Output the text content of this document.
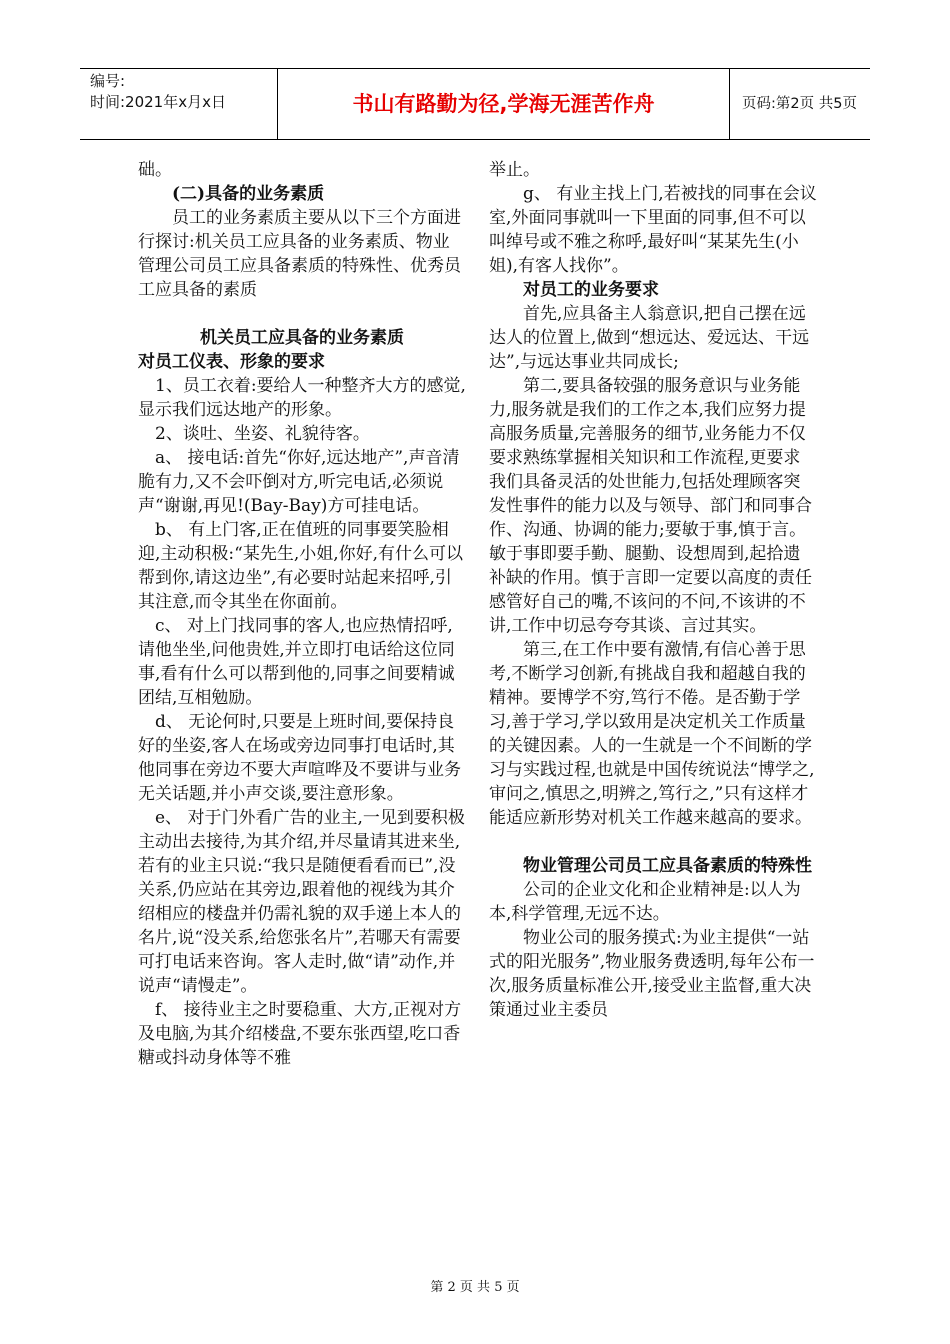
编号:
时间:2021年x月x日	书山有路勤为径,学海无涯苦作舟	页码:第2页 共5页

础。

(二)具备的业务素质

员工的业务素质主要从以下三个方面进行探讨:机关员工应具备的业务素质、物业管理公司员工应具备素质的特殊性、优秀员工应具备的素质

机关员工应具备的业务素质

对员工仪表、形象的要求

1、员工衣着:要给人一种整齐大方的感觉,显示我们远达地产的形象。

2、谈吐、坐姿、礼貌待客。

a、 接电话:首先“你好,远达地产”,声音清脆有力,又不会吓倒对方,听完电话,必须说声“谢谢,再见!(Bay-Bay)方可挂电话。

b、 有上门客,正在值班的同事要笑脸相迎,主动积极:“某先生,小姐,你好,有什么可以帮到你,请这边坐”,有必要时站起来招呼,引其注意,而令其坐在你面前。

c、 对上门找同事的客人,也应热情招呼,请他坐坐,问他贵姓,并立即打电话给这位同事,看有什么可以帮到他的,同事之间要精诚团结,互相勉励。

d、 无论何时,只要是上班时间,要保持良好的坐姿,客人在场或旁边同事打电话时,其他同事在旁边不要大声喧哗及不要讲与业务无关话题,并小声交谈,要注意形象。

e、 对于门外看广告的业主,一见到要积极主动出去接待,为其介绍,并尽量请其进来坐,若有的业主只说:“我只是随便看看而已”,没关系,仍应站在其旁边,跟着他的视线为其介绍相应的楼盘并仍需礼貌的双手递上本人的名片,说“没关系,给您张名片”,若哪天有需要可打电话来咨询。客人走时,做“请”动作,并说声“请慢走”。

f、 接待业主之时要稳重、大方,正视对方及电脑,为其介绍楼盘,不要东张西望,吃口香糖或抖动身体等不雅

举止。

g、 有业主找上门,若被找的同事在会议室,外面同事就叫一下里面的同事,但不可以叫绰号或不雅之称呼,最好叫“某某先生(小姐),有客人找你”。

对员工的业务要求

首先,应具备主人翁意识,把自己摆在远达人的位置上,做到“想远达、爱远达、干远达”,与远达事业共同成长;

第二,要具备较强的服务意识与业务能力,服务就是我们的工作之本,我们应努力提高服务质量,完善服务的细节,业务能力不仅要求熟练掌握相关知识和工作流程,更要求我们具备灵活的处世能力,包括处理顾客突发性事件的能力以及与领导、部门和同事合作、沟通、协调的能力;要敏于事,慎于言。敏于事即要手勤、腿勤、设想周到,起拾遗补缺的作用。慎于言即一定要以高度的责任感管好自己的嘴,不该问的不问,不该讲的不讲,工作中切忌夸夸其谈、言过其实。

第三,在工作中要有激情,有信心善于思考,不断学习创新,有挑战自我和超越自我的精神。要博学不穷,笃行不倦。是否勤于学习,善于学习,学以致用是决定机关工作质量的关键因素。人的一生就是一个不间断的学习与实践过程,也就是中国传统说法“博学之,审问之,慎思之,明辨之,笃行之,”只有这样才能适应新形势对机关工作越来越高的要求。

物业管理公司员工应具备素质的特殊性

公司的企业文化和企业精神是:以人为本,科学管理,无远不达。

物业公司的服务摸式:为业主提供“一站式的阳光服务”,物业服务费透明,每年公布一次,服务质量标准公开,接受业主监督,重大决策通过业主委员

第 2 页 共 5 页
